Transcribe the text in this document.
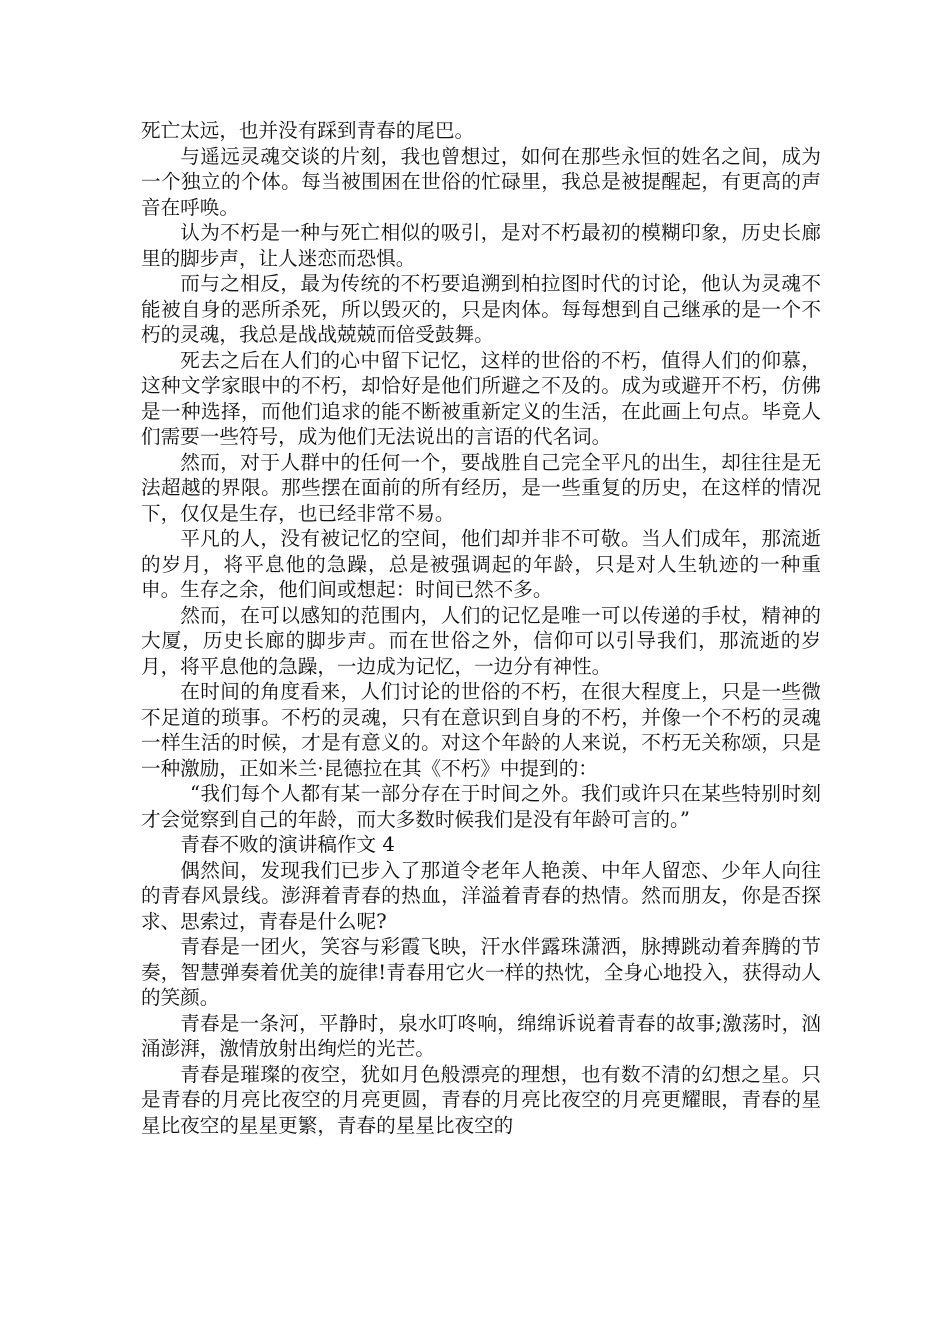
死亡太远，也并没有踩到青春的尾巴。

与遥远灵魂交谈的片刻，我也曾想过，如何在那些永恒的姓名之间，成为一个独立的个体。每当被围困在世俗的忙碌里，我总是被提醒起，有更高的声音在呼唤。

认为不朽是一种与死亡相似的吸引，是对不朽最初的模糊印象，历史长廊里的脚步声，让人迷恋而恐惧。

而与之相反，最为传统的不朽要追溯到柏拉图时代的讨论，他认为灵魂不能被自身的恶所杀死，所以毁灭的，只是肉体。每每想到自己继承的是一个不朽的灵魂，我总是战战兢兢而倍受鼓舞。

死去之后在人们的心中留下记忆，这样的世俗的不朽，值得人们的仰慕，这种文学家眼中的不朽，却恰好是他们所避之不及的。成为或避开不朽，仿佛是一种选择，而他们追求的能不断被重新定义的生活，在此画上句点。毕竟人们需要一些符号，成为他们无法说出的言语的代名词。

然而，对于人群中的任何一个，要战胜自己完全平凡的出生，却往往是无法超越的界限。那些摆在面前的所有经历，是一些重复的历史，在这样的情况下，仅仅是生存，也已经非常不易。

平凡的人，没有被记忆的空间，他们却并非不可敬。当人们成年，那流逝的岁月，将平息他的急躁，总是被强调起的年龄，只是对人生轨迹的一种重申。生存之余，他们间或想起：时间已然不多。

然而，在可以感知的范围内，人们的记忆是唯一可以传递的手杖，精神的大厦，历史长廊的脚步声。而在世俗之外，信仰可以引导我们，那流逝的岁月，将平息他的急躁，一边成为记忆，一边分有神性。

在时间的角度看来，人们讨论的世俗的不朽，在很大程度上，只是一些微不足道的琐事。不朽的灵魂，只有在意识到自身的不朽，并像一个不朽的灵魂一样生活的时候，才是有意义的。对这个年龄的人来说，不朽无关称颂，只是一种激励，正如米兰·昆德拉在其《不朽》中提到的：

“我们每个人都有某一部分存在于时间之外。我们或许只在某些特别时刻才会觉察到自己的年龄，而大多数时候我们是没有年龄可言的。”

青春不败的演讲稿作文 4

偶然间，发现我们已步入了那道令老年人艳羡、中年人留恋、少年人向往的青春风景线。澎湃着青春的热血，洋溢着青春的热情。然而朋友，你是否探求、思索过，青春是什么呢?

青春是一团火，笑容与彩霞飞映，汗水伴露珠潇洒，脉搏跳动着奔腾的节奏，智慧弹奏着优美的旋律!青春用它火一样的热忱，全身心地投入，获得动人的笑颜。

青春是一条河，平静时，泉水叮咚响，绵绵诉说着青春的故事;激荡时，汹涌澎湃，激情放射出绚烂的光芒。

青春是璀璨的夜空，犹如月色般漂亮的理想，也有数不清的幻想之星。只是青春的月亮比夜空的月亮更圆，青春的月亮比夜空的月亮更耀眼，青春的星星比夜空的星星更繁，青春的星星比夜空的
